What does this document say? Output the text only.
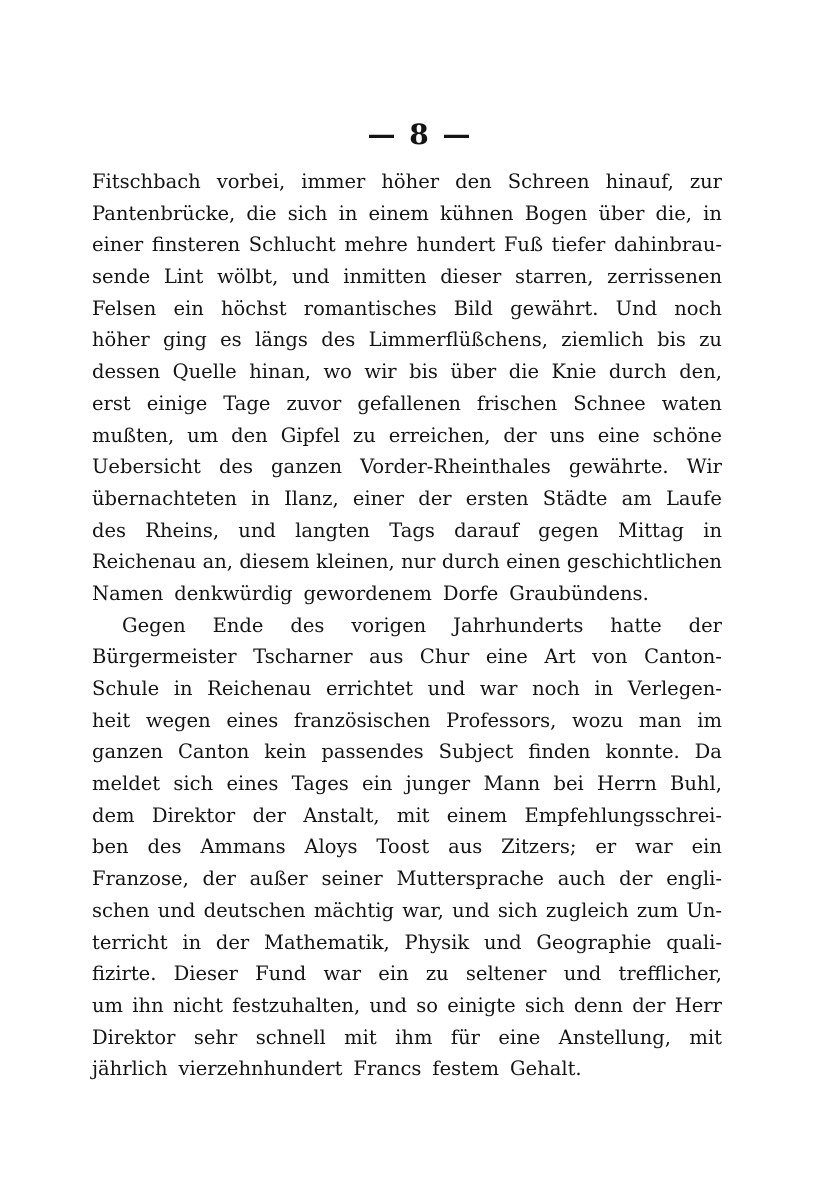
— 8 —
Fitschbach vorbei, immer höher den Schreen hinauf, zur
Pantenbrücke, die sich in einem kühnen Bogen über die, in
einer finsteren Schlucht mehre hundert Fuß tiefer dahinbrau-
sende Lint wölbt, und inmitten dieser starren, zerrissenen
Felsen ein höchst romantisches Bild gewährt. Und noch
höher ging es längs des Limmerflüßchens, ziemlich bis zu
dessen Quelle hinan, wo wir bis über die Knie durch den,
erst einige Tage zuvor gefallenen frischen Schnee waten
mußten, um den Gipfel zu erreichen, der uns eine schöne
Uebersicht des ganzen Vorder-Rheinthales gewährte. Wir
übernachteten in Ilanz, einer der ersten Städte am Laufe
des Rheins, und langten Tags darauf gegen Mittag in
Reichenau an, diesem kleinen, nur durch einen geschichtlichen
Namen denkwürdig gewordenem Dorfe Graubündens.
Gegen Ende des vorigen Jahrhunderts hatte der
Bürgermeister Tscharner aus Chur eine Art von Canton-
Schule in Reichenau errichtet und war noch in Verlegen-
heit wegen eines französischen Professors, wozu man im
ganzen Canton kein passendes Subject finden konnte. Da
meldet sich eines Tages ein junger Mann bei Herrn Buhl,
dem Direktor der Anstalt, mit einem Empfehlungsschrei-
ben des Ammans Aloys Toost aus Zitzers; er war ein
Franzose, der außer seiner Muttersprache auch der engli-
schen und deutschen mächtig war, und sich zugleich zum Un-
terricht in der Mathematik, Physik und Geographie quali-
fizirte. Dieser Fund war ein zu seltener und trefflicher,
um ihn nicht festzuhalten, und so einigte sich denn der Herr
Direktor sehr schnell mit ihm für eine Anstellung, mit
jährlich vierzehnhundert Francs festem Gehalt.
